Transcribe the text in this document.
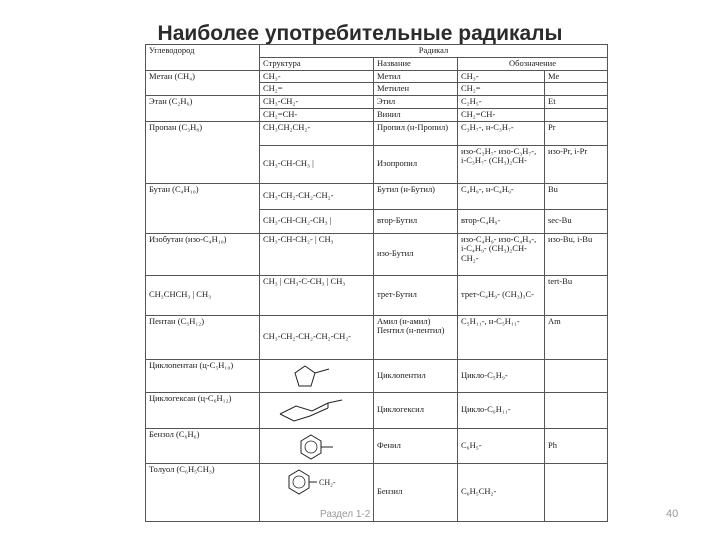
Наиболее употребительные радикалы
Углеводород	Радикал			
	Структура	Название	Обозначение	
Метан (CH₄)	CH₃-	Метил	CH₃-	Me
	CH₂=	Метилен	CH₂=	
Этан (C₂H₆)	CH₃-CH₂-	Этил	C₂H₅-	Et
	CH₂=CH-	Винил	CH₂=CH-	
Пропан (C₃H₈)	CH₃CH₂CH₂-	Пропил (н-Пропил)	C₃H₇-, н-C₃H₇-	Pr
	CH₃-CH-CH₃ |	Изопропил	изо-C₃H₇- изо-C₃H₇-, i-C₃H₇- (CH₃)₂CH-	изо-Pr, i-Pr
Бутан (C₄H₁₀)	CH₃-CH₂-CH₂-CH₂-	Бутил (н-Бутил)	C₄H₉-, н-C₄H₉-	Bu
	CH₃-CH-CH₂-CH₃ |	втор-Бутил	втор-C₄H₉-	sec-Bu
Изобутан (изо-C₄H₁₀)	CH₃-CH-CH₂- | CH₃	изо-Бутил	изо-C₄H₉- изо-C₄H₉-, i-C₄H₉- (CH₃)₂CH-CH₂-	изо-Bu, i-Bu
CH₃CHCH₃ | CH₃	CH₃ | CH₃-C-CH₃ | CH₃	трет-Бутил	трет-C₄H₉- (CH₃)₃C-	tert-Bu
Пентан (C₅H₁₂)	CH₃-CH₂-CH₂-CH₂-CH₂-	Амил (н-амил) Пентил (н-пентил)	C₅H₁₁-, н-C₅H₁₁-	Am
Циклопентан (ц-C₅H₁₀)		Циклопентил	Цикло-C₅H₉-	
Циклогексан (ц-C₆H₁₂)		Циклогексил	Цикло-C₆H₁₁-	
Бензол (C₆H₆)		Фенил	C₆H₅-	Ph
Толуол (C₆H₅CH₃)	CH₂-	Бензил	C₆H₅CH₂-	
Раздел 1-2	40
